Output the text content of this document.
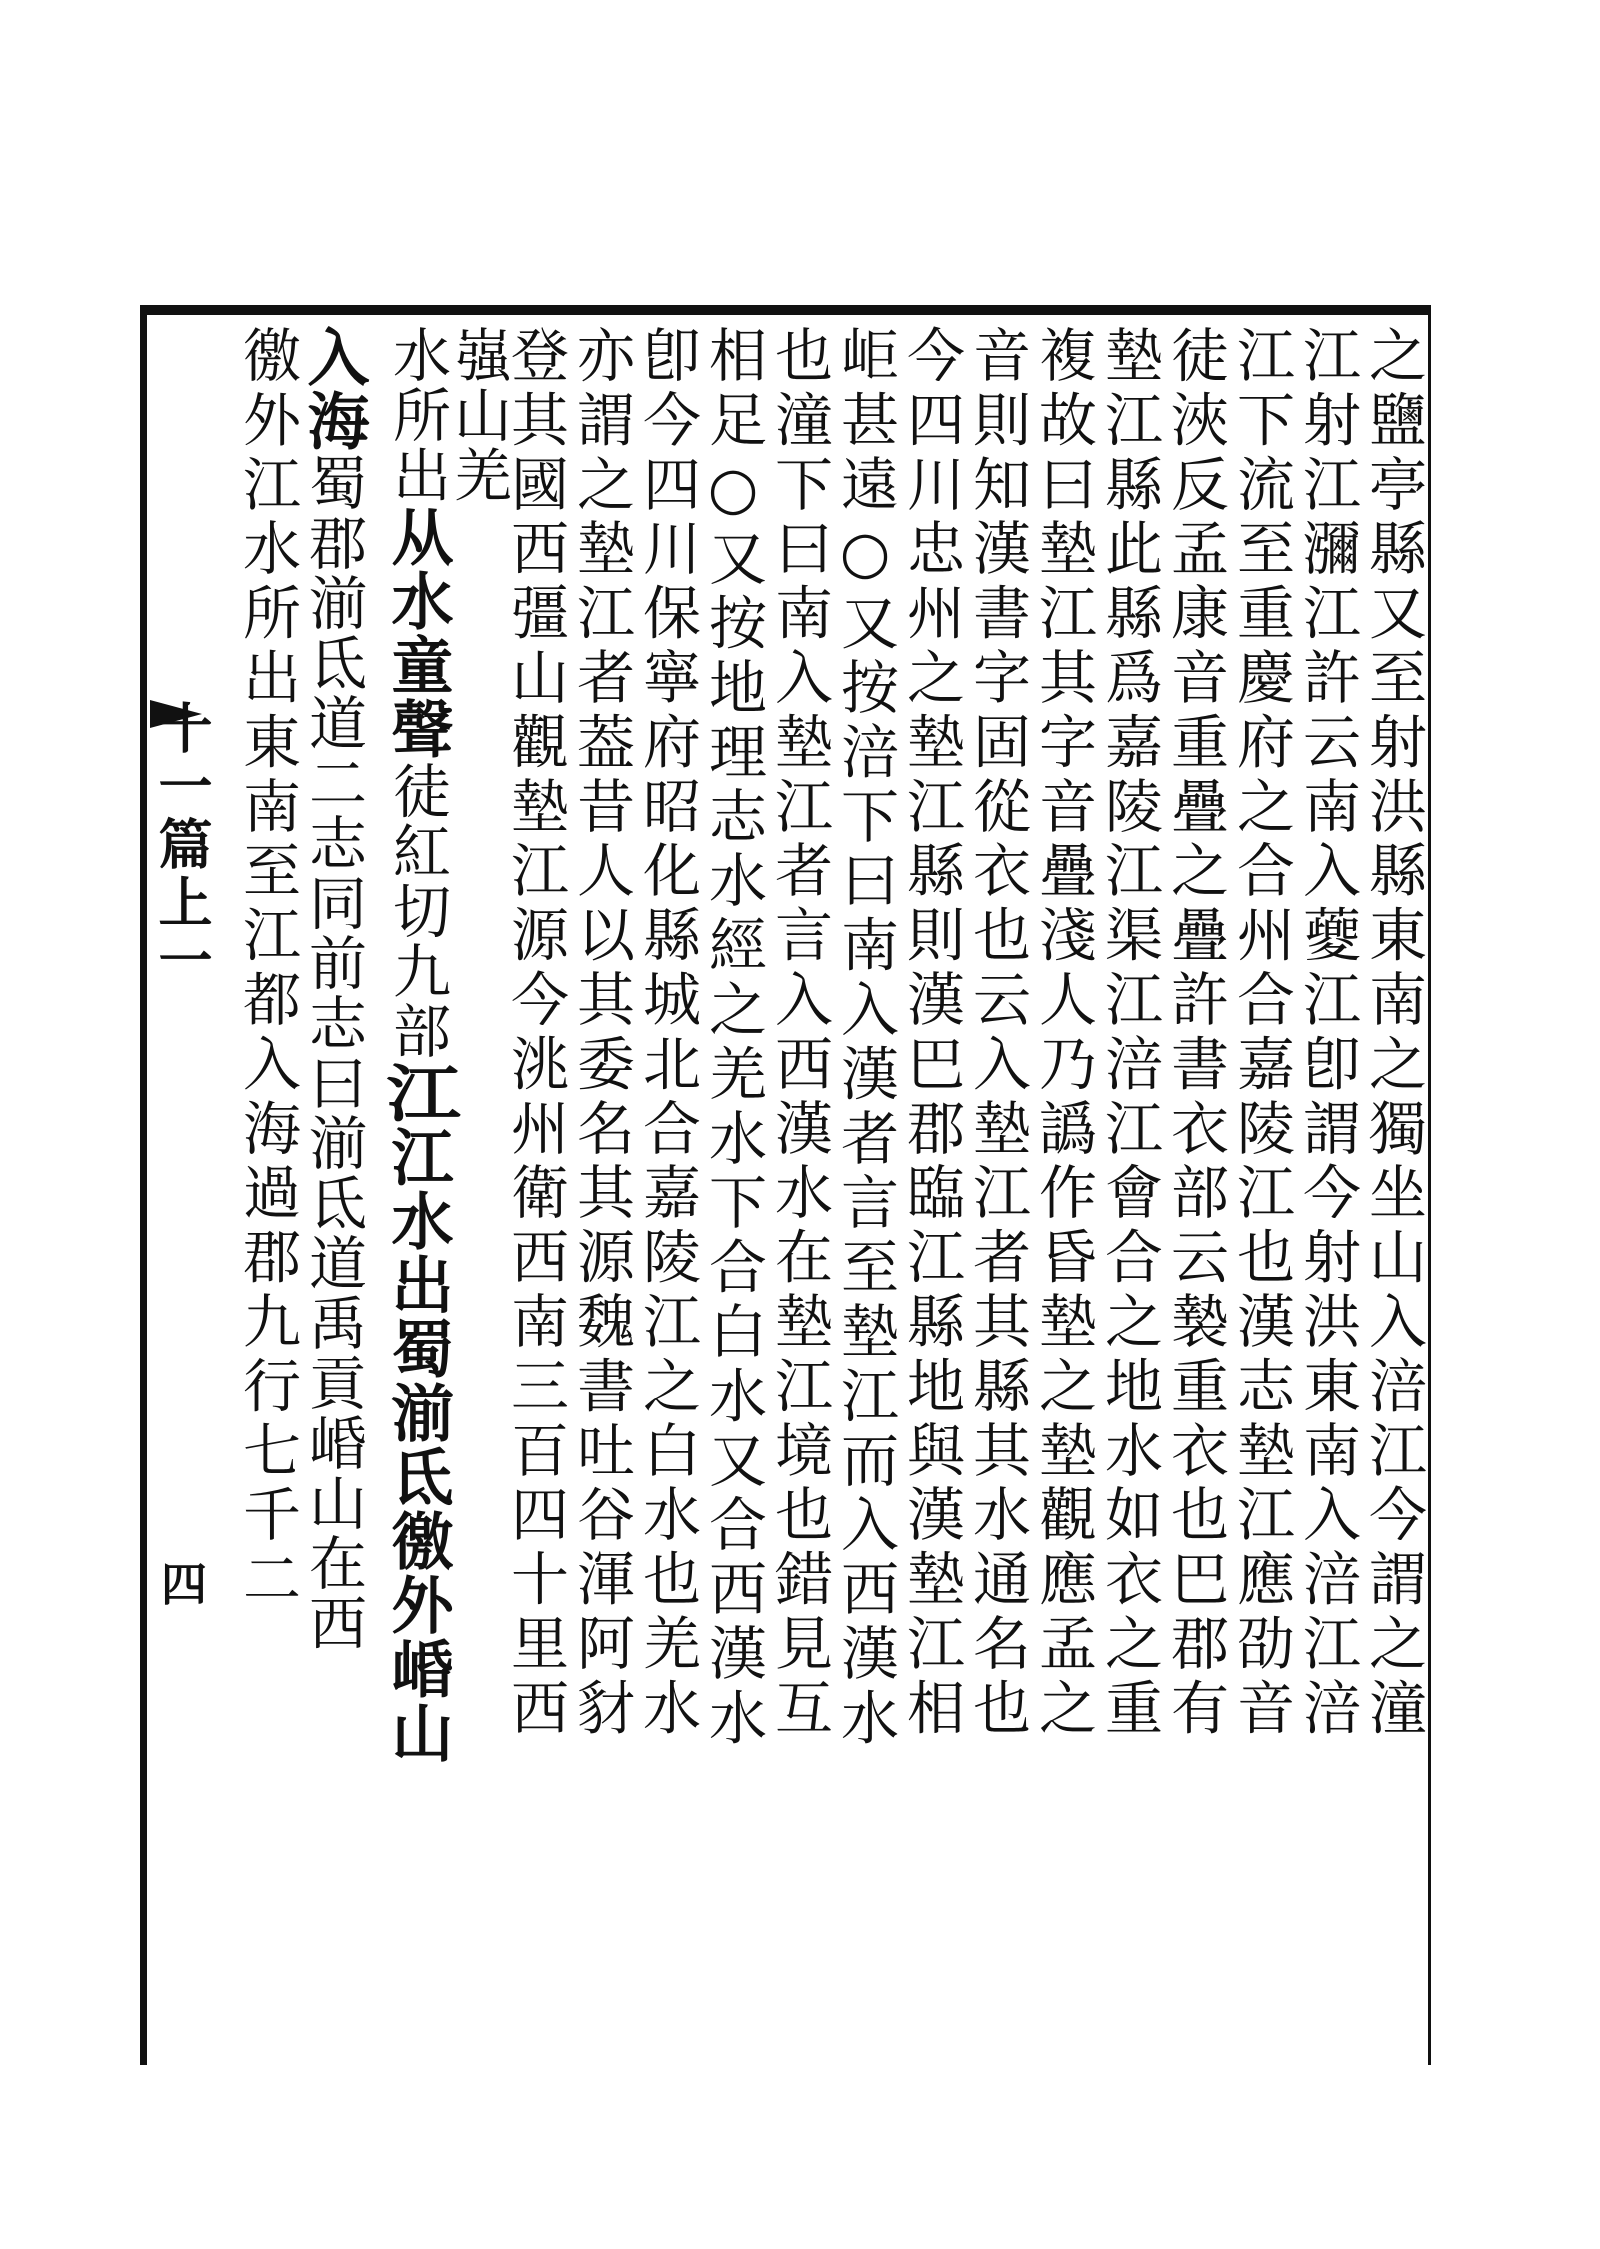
十一篇上一
四	之鹽亭縣又至射洪縣東南之獨坐山入涪江今謂之潼
江射江瀰江許云南入䕫江卽謂今射洪東南入涪江涪
江下流至重慶府之合州合嘉陵江也漢志墊江應劭音
徒浹反孟康音重疊之疊許書衣部云褺重衣也巴郡有
墊江縣此縣爲嘉陵江渠江涪江會合之地水如衣之重
複故曰墊江其字音疊淺人乃譌作昏墊之墊觀應孟之
音則知漢書字固從衣也云入墊江者其縣其水通名也
今四川忠州之墊江縣則漢巴郡臨江縣地與漢墊江相
岠甚遠○又按涪下曰南入漢者言至墊江而入西漢水
也潼下曰南入墊江者言入西漢水在墊江境也錯見互
相足○又按地理志水經之羌水下合白水又合西漢水
卽今四川保寧府昭化縣城北合嘉陵江之白水也羌水
亦謂之墊江者葢昔人以其委名其源魏書吐谷渾阿豺
登其國西彊山觀墊江源今洮州衛西南三百四十里西
嵹山羌
水所出从水童聲徒紅切九部江江水出蜀湔氐徼外崏山
入海蜀郡湔氐道二志同前志曰湔氐道禹貢崏山在西
徼外江水所出東南至江都入海過郡九行七千二
